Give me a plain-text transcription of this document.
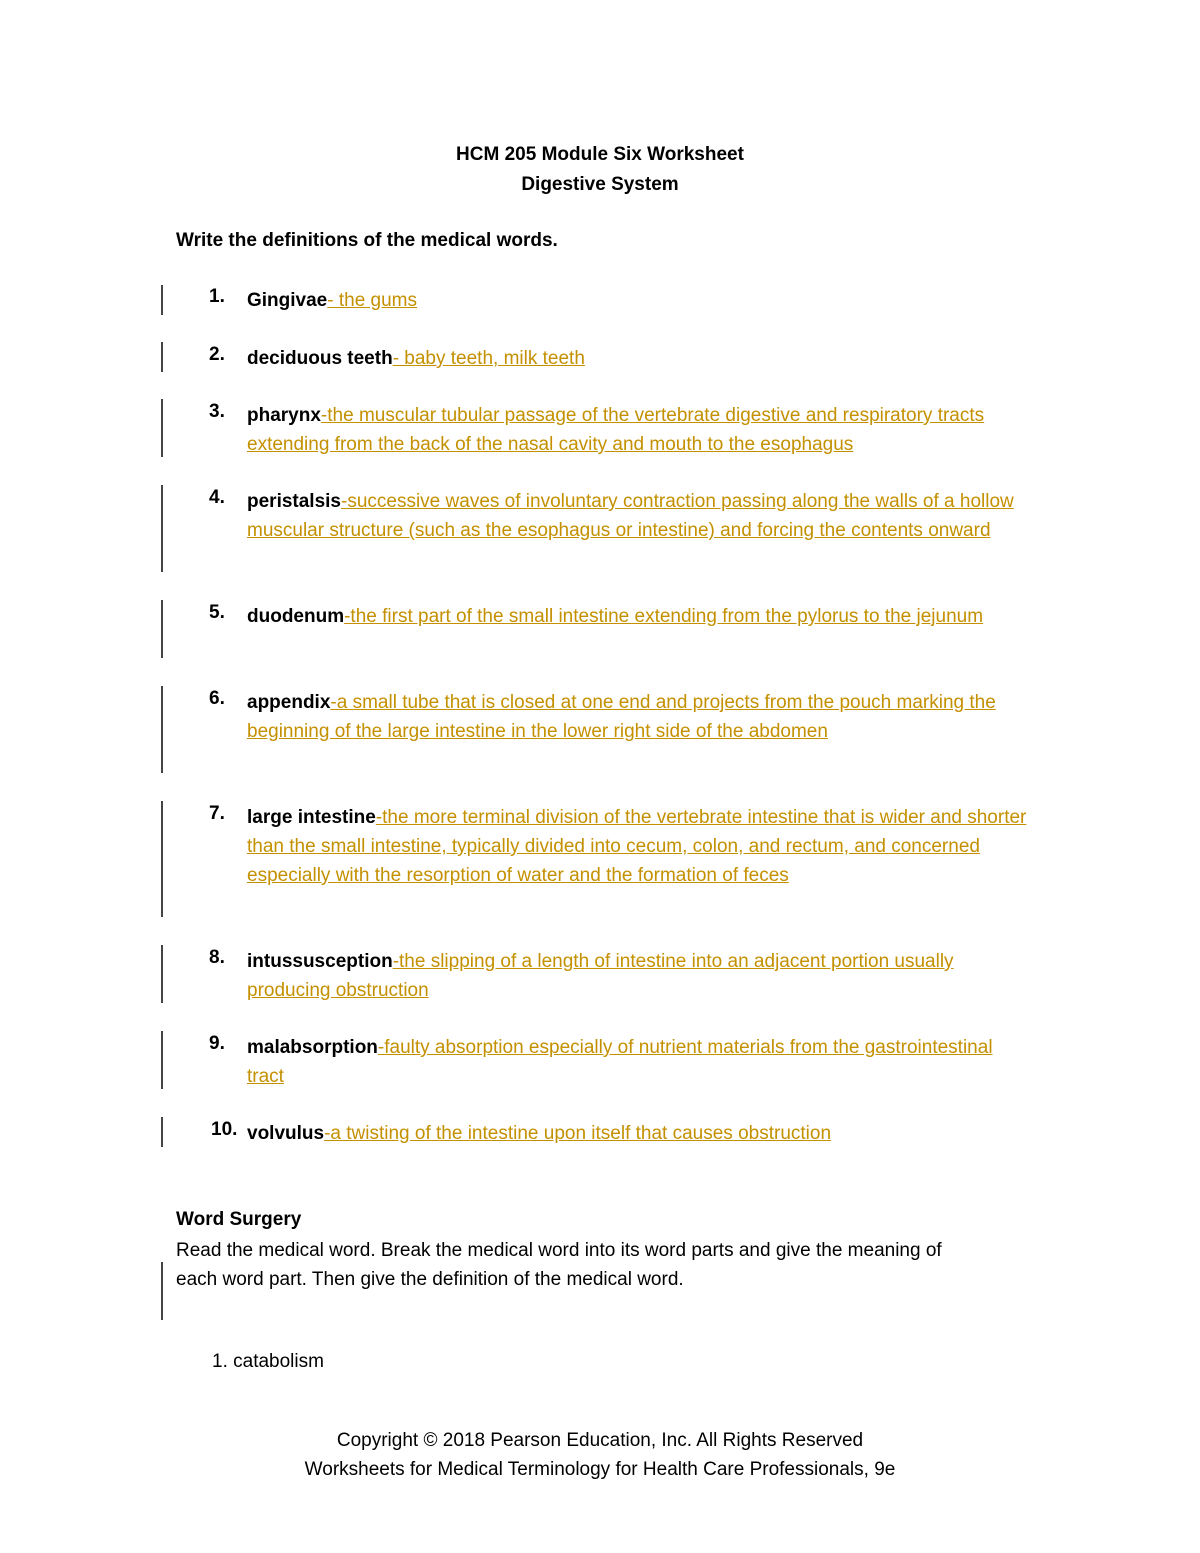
HCM 205 Module Six Worksheet
Digestive System
Write the definitions of the medical words.
1. Gingivae- the gums
2. deciduous teeth- baby teeth, milk teeth
3. pharynx-the muscular tubular passage of the vertebrate digestive and respiratory tracts extending from the back of the nasal cavity and mouth to the esophagus
4. peristalsis-successive waves of involuntary contraction passing along the walls of a hollow muscular structure (such as the esophagus or intestine) and forcing the contents onward
5. duodenum-the first part of the small intestine extending from the pylorus to the jejunum
6. appendix-a small tube that is closed at one end and projects from the pouch marking the beginning of the large intestine in the lower right side of the abdomen
7. large intestine-the more terminal division of the vertebrate intestine that is wider and shorter than the small intestine, typically divided into cecum, colon, and rectum, and concerned especially with the resorption of water and the formation of feces
8. intussusception-the slipping of a length of intestine into an adjacent portion usually producing obstruction
9. malabsorption-faulty absorption especially of nutrient materials from the gastrointestinal tract
10. volvulus-a twisting of the intestine upon itself that causes obstruction
Word Surgery
Read the medical word. Break the medical word into its word parts and give the meaning of each word part. Then give the definition of the medical word.
1. catabolism
Copyright © 2018 Pearson Education, Inc. All Rights Reserved
Worksheets for Medical Terminology for Health Care Professionals, 9e
